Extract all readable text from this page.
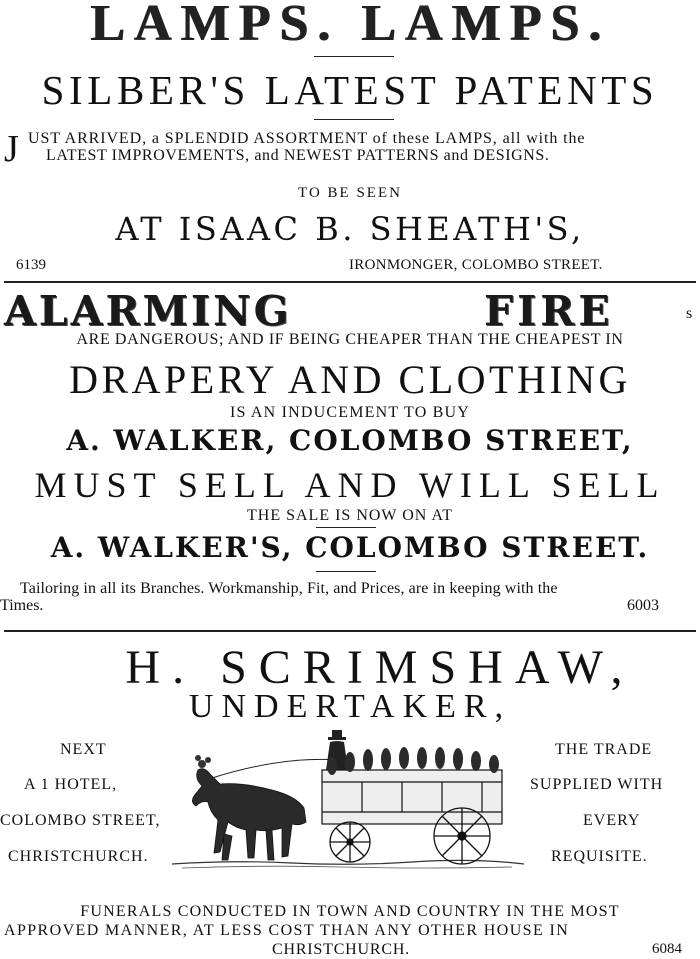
LAMPS. LAMPS.
SILBER'S LATEST PATENTS
J UST ARRIVED, a SPLENDID ASSORTMENT of these LAMPS, all with the
LATEST IMPROVEMENTS, and NEWEST PATTERNS and DESIGNS.
TO BE SEEN
AT ISAAC B. SHEATH'S,
6139	IRONMONGER, COLOMBO STREET.
ALARMING	FIRE	s
ARE DANGEROUS; AND IF BEING CHEAPER THAN THE CHEAPEST IN
DRAPERY AND CLOTHING
IS AN INDUCEMENT TO BUY
A. WALKER, COLOMBO STREET,
MUST SELL AND WILL SELL
THE SALE IS NOW ON AT
A. WALKER'S, COLOMBO STREET.
Tailoring in all its Branches. Workmanship, Fit, and Prices, are in keeping with the
Times.	6003
H. SCRIMSHAW,
UNDERTAKER,
NEXT
A 1 HOTEL,
COLOMBO STREET,
CHRISTCHURCH.
THE TRADE
SUPPLIED WITH
EVERY
REQUISITE.
FUNERALS CONDUCTED IN TOWN AND COUNTRY IN THE MOST
APPROVED MANNER, AT LESS COST THAN ANY OTHER HOUSE IN
CHRISTCHURCH.	6084
